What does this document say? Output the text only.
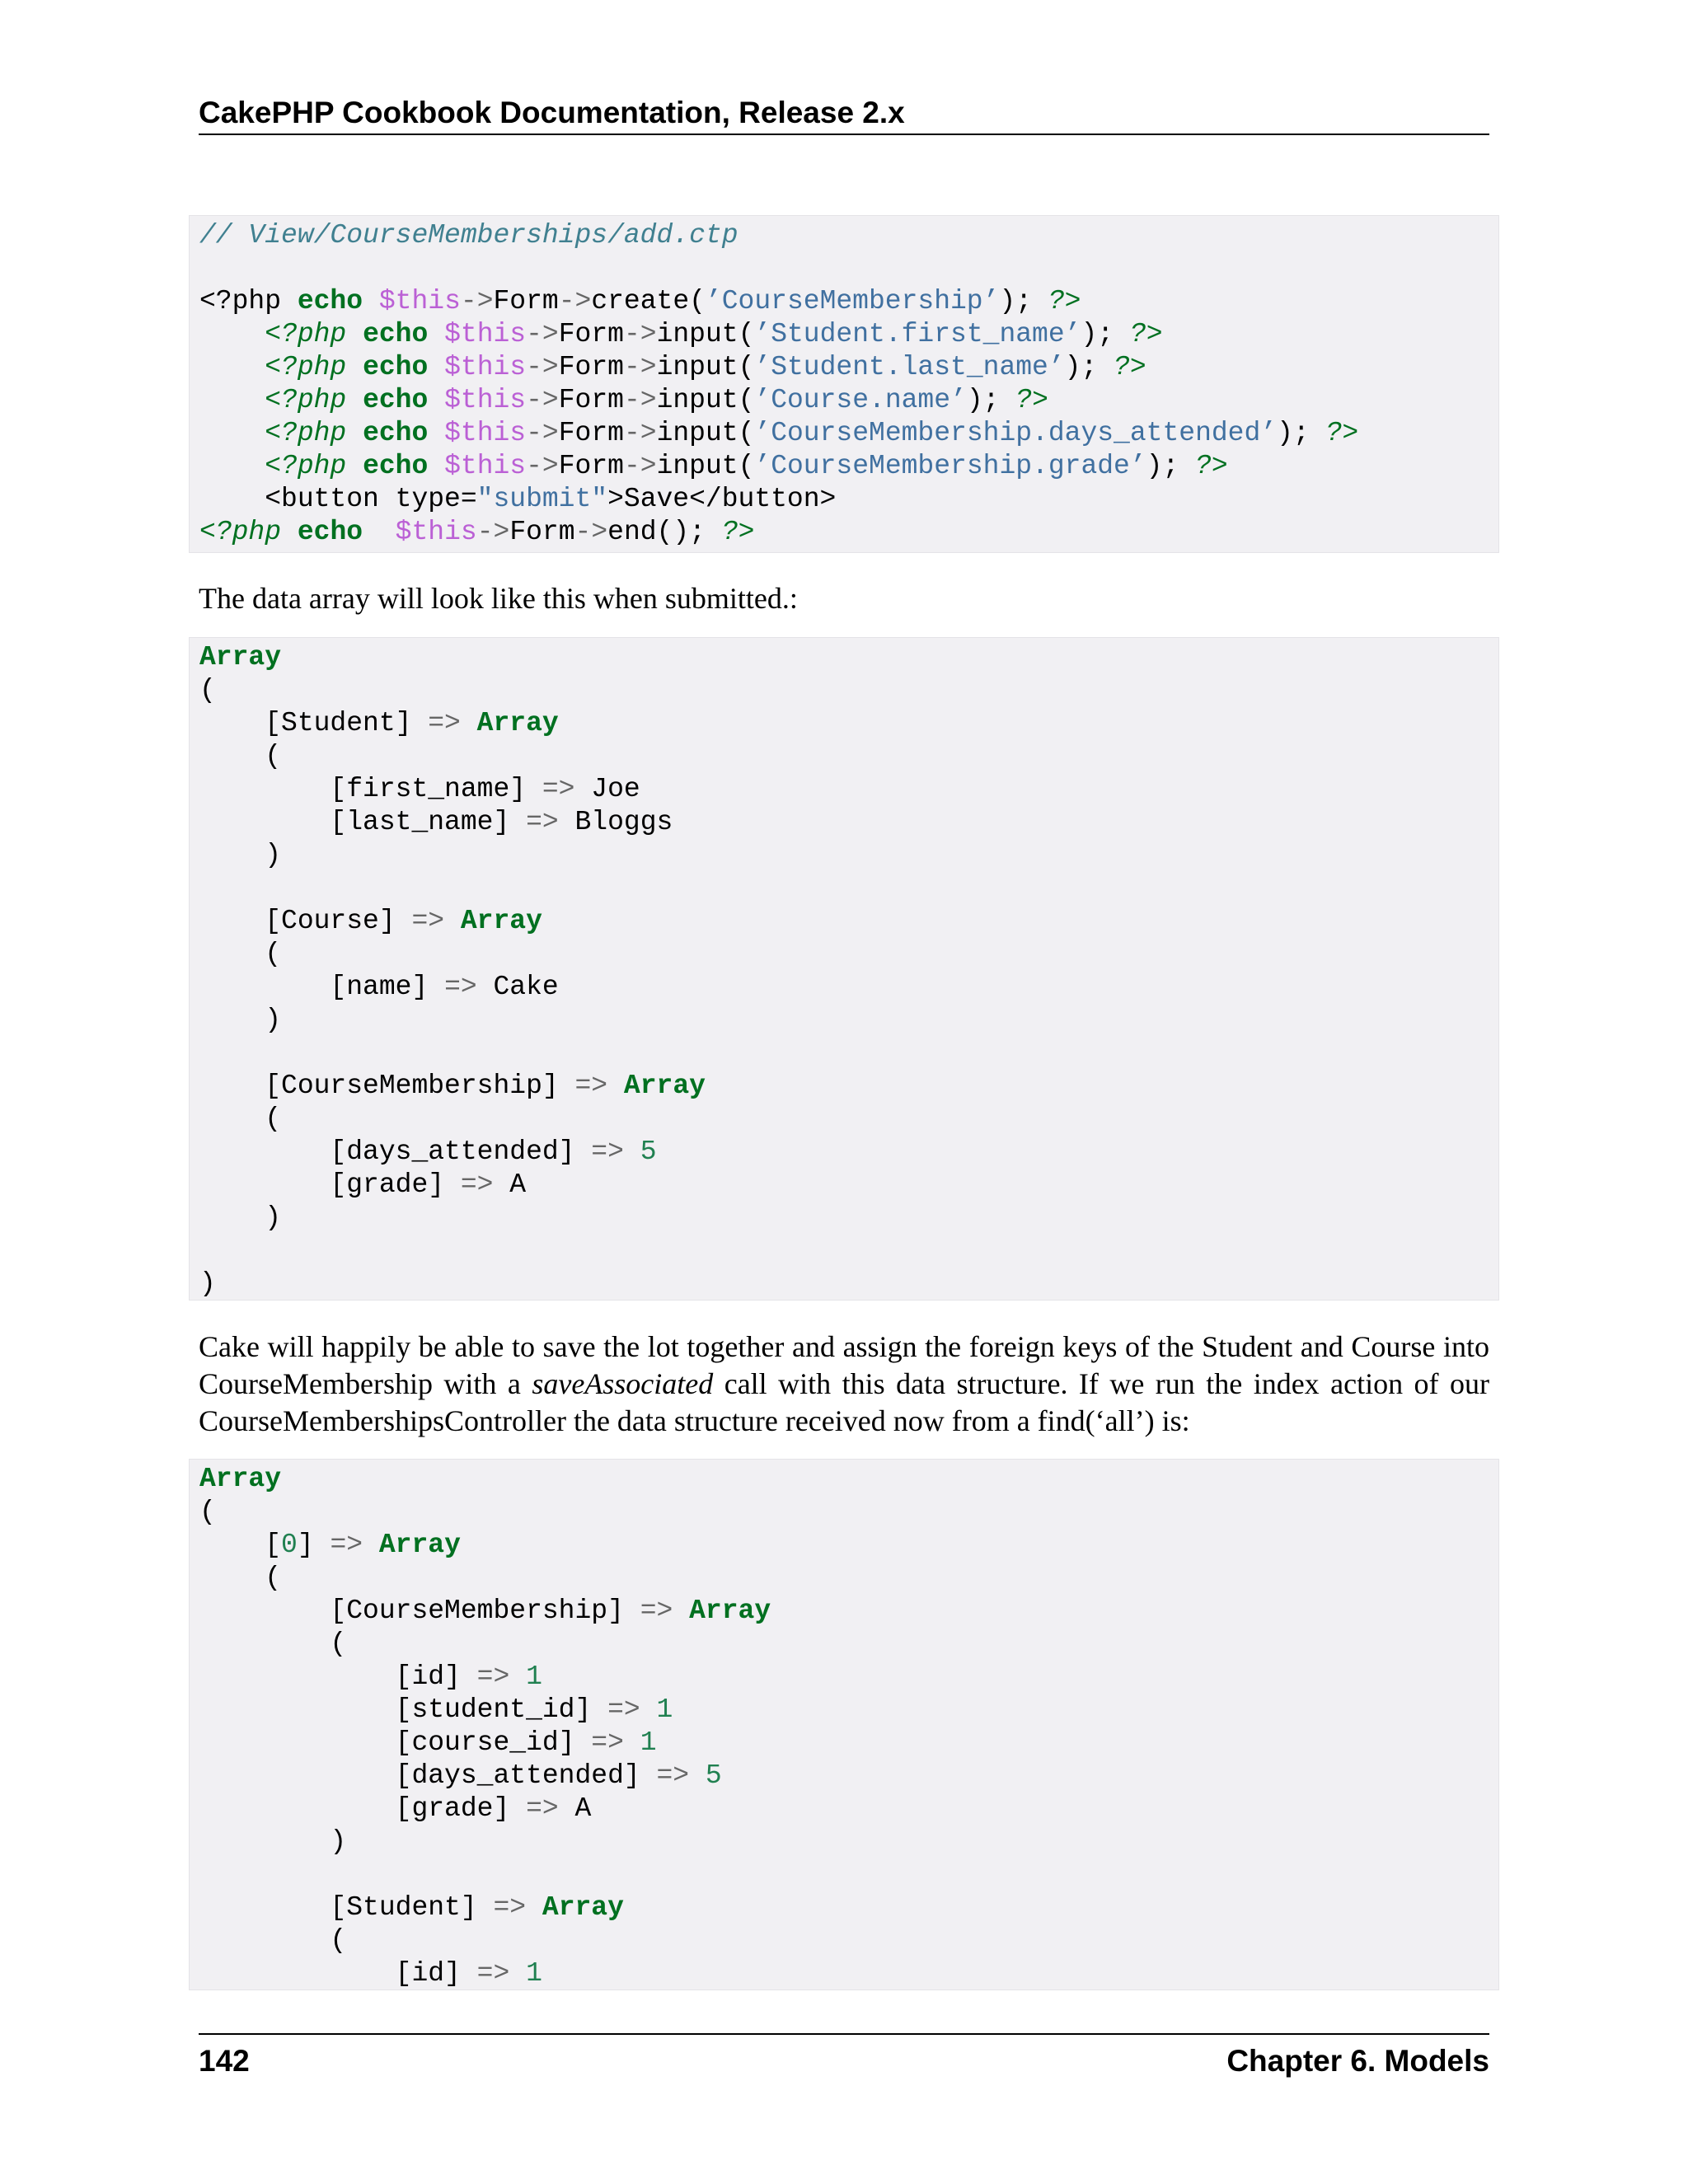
CakePHP Cookbook Documentation, Release 2.x
// View/CourseMemberships/add.ctp
<?php echo $this->Form->create(’CourseMembership’); ?>
<?php echo $this->Form->input(’Student.first_name’); ?>
<?php echo $this->Form->input(’Student.last_name’); ?>
<?php echo $this->Form->input(’Course.name’); ?>
<?php echo $this->Form->input(’CourseMembership.days_attended’); ?>
<?php echo $this->Form->input(’CourseMembership.grade’); ?>
<button type="submit">Save</button>
<?php echo $this->Form->end(); ?>

The data array will look like this when submitted.:

Array
(
[Student] => Array
(
[first_name] => Joe
[last_name] => Bloggs
)
[Course] => Array
(
[name] => Cake
)
[CourseMembership] => Array
(
[days_attended] => 5
[grade] => A
)
)

Cake will happily be able to save the lot together and assign the foreign keys of the Student and Course into CourseMembership with a saveAssociated call with this data structure. If we run the index action of our CourseMembershipsController the data structure received now from a find(‘all’) is:

Array
(
[0] => Array
(
[CourseMembership] => Array
(
[id] => 1
[student_id] => 1
[course_id] => 1
[days_attended] => 5
[grade] => A
)
[Student] => Array
(
[id] => 1
142	Chapter 6. Models
